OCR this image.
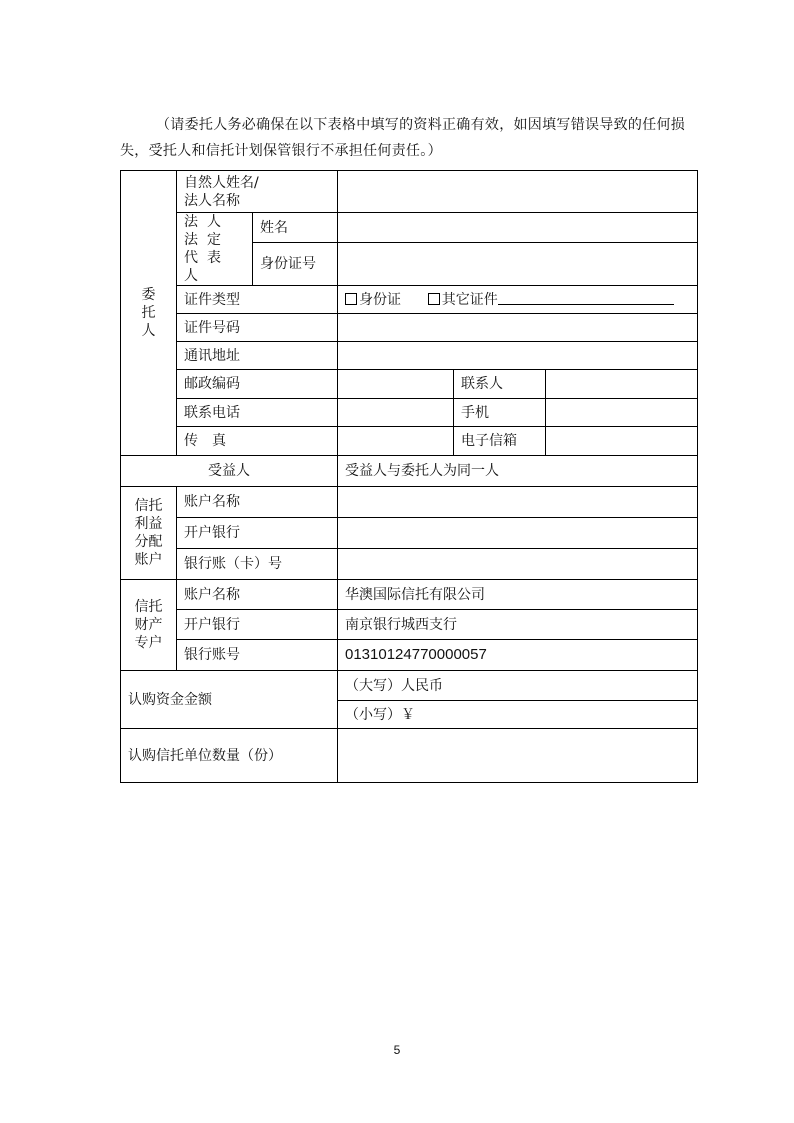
（请委托人务必确保在以下表格中填写的资料正确有效，如因填写错误导致的任何损失，受托人和信托计划保管银行不承担任何责任。）
委
托
人	自然人姓名/
法人名称				
	法人法定代表人	姓名			
		身份证号			
	证件类型		身份证 其它证件		
	证件号码				
	通讯地址				
	邮政编码			联系人	
	联系电话			手机	
	传　真			电子信箱	
受益人			受益人与委托人为同一人		
信托
利益
分配
账户	账户名称				
	开户银行				
	银行账（卡）号				
信托
财产
专户	账户名称		华澳国际信托有限公司		
	开户银行		南京银行城西支行		
	银行账号		01310124770000057		
认购资金金额			（大写）人民币		
			（小写）￥		
认购信托单位数量（份）					
5
